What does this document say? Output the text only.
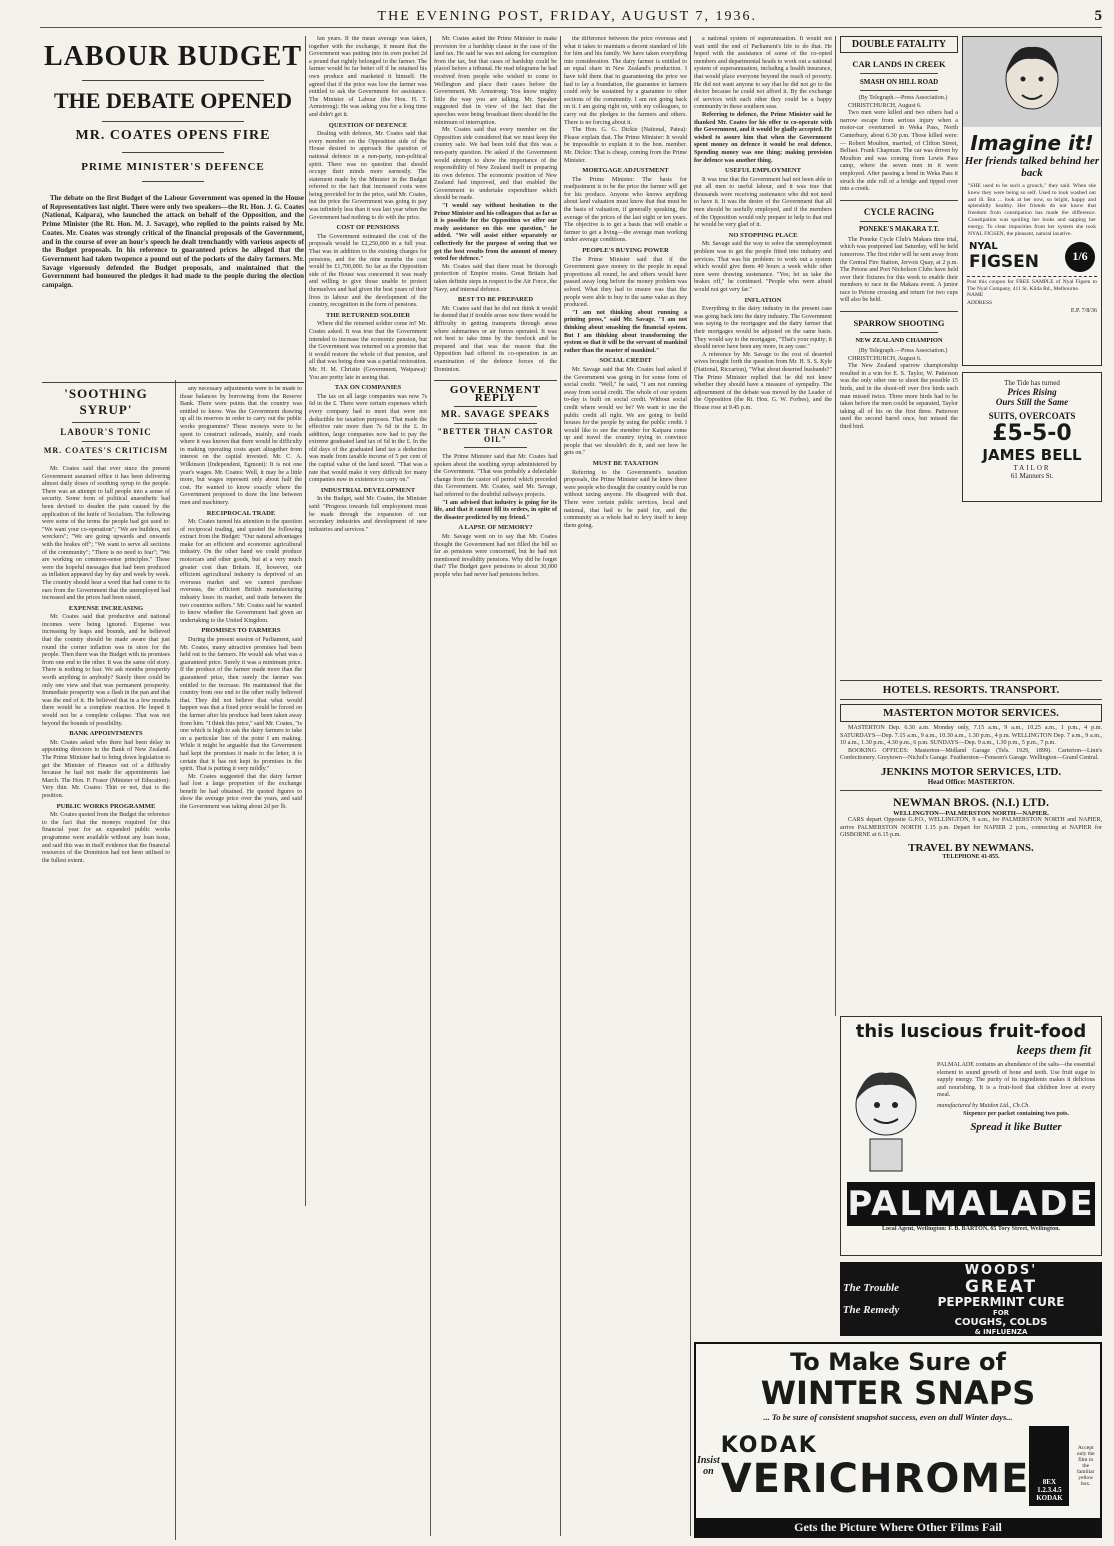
THE EVENING POST, FRIDAY, AUGUST 7, 1936.	5
LABOUR BUDGET
THE DEBATE OPENED
MR. COATES OPENS FIRE
PRIME MINISTER'S DEFENCE

The debate on the first Budget of the Labour Government was opened in the House of Representatives last night. There were only two speakers—the Rt. Hon. J. G. Coates (National, Kaipara), who launched the attack on behalf of the Opposition, and the Prime Minister (the Rt. Hon. M. J. Savage), who replied to the points raised by Mr. Coates. Mr. Coates was strongly critical of the financial proposals of the Government, and in the course of over an hour's speech he dealt trenchantly with various aspects of the Budget proposals. In his reference to guaranteed prices he alleged that the Government had taken twopence a pound out of the pockets of the dairy farmers. Mr. Savage vigorously defended the Budget proposals, and maintained that the Government had honoured the pledges it had made to the people during the election campaign.

'SOOTHING SYRUP'
LABOUR'S TONIC
MR. COATES'S CRITICISM

Mr. Coates said that ever since the present Government assumed office it has been delivering almost daily doses of soothing syrup to the people. There was an attempt to lull people into a sense of security. Some form of political anaesthetic had been devised to deaden the pain caused by the application of the knife of Socialism. The following were some of the terms the people had got used to: "We want your co-operation"; "We are builders, not wreckers"; "We are going upwards and onwards with the brakes off"; "We want to serve all sections of the community"; "There is no need to fear"; "We are working on common-sense principles." These were the hopeful messages that had been produced as inflation appeared day by day and week by week. The country should hear a word that had come to its ears from the Government that the unemployed had increased and the prices had been raised.

EXPENSE INCREASING

Mr. Coates said that productive and national incomes were being ignored. Expense was increasing by leaps and bounds, and he believed that the country should be made aware that just round the corner inflation was in store for the people. Then there was the Budget with its promises from one end to the other. It was the same old story. There is nothing to fear. We ask months prosperity worth anything to anybody? Surely there could be only one view and that was permanent prosperity. Immediate prosperity was a flash in the pan and that was the end of it. He believed that in a few months there would be a complete reaction. He hoped it would not be a complete collapse. That was not beyond the bounds of possibility.

BANK APPOINTMENTS

Mr. Coates asked who there had been delay in appointing directors to the Bank of New Zealand. The Prime Minister had to bring down legislation to get the Minister of Finance out of a difficulty because he had not made the appointments last March. The Hon. P. Fraser (Minister of Education): Very thin. Mr. Coates: Thin or not, that is the position.

PUBLIC WORKS PROGRAMME

Mr. Coates quoted from the Budget the reference to the fact that the moneys required for this financial year for an expanded public works programme were available without any loan issue, and said this was in itself evidence that the financial resources of the Dominion had not been utilised to the fullest extent.

any necessary adjustments were to be made to those balances by borrowing from the Reserve Bank. There were points that the country was entitled to know. Was the Government drawing up all its reserves in order to carry out the public works programme? These moneys were to be spent to construct railroads, mainly, and roads where it was known that there would be difficulty in making operating costs apart altogether from interest on the capital invested. Mr. C. A. Wilkinson (Independent, Egmont): It is not one year's wages. Mr. Coates: Well, it may be a little more, but wages represent only about half the cost. He wanted to know exactly where the Government proposed to draw the line between men and machinery.

RECIPROCAL TRADE

Mr. Coates turned his attention to the question of reciprocal trading, and quoted the following extract from the Budget: "Our natural advantages make for an efficient and economic agricultural industry. On the other hand we could produce motorcars and other goods, but at a very much greater cost than Britain. If, however, our efficient agricultural industry is deprived of an overseas market and we cannot purchase overseas, the efficient British manufacturing industry loses its market, and trade between the two countries suffers." Mr. Coates said he wanted to know whether the Government had given an undertaking to the United Kingdom.

PROMISES TO FARMERS

During the present session of Parliament, said Mr. Coates, many attractive promises had been held out to the farmers. He would ask what was a guaranteed price. Surely it was a minimum price. If the produce of the farmer made more than the guaranteed price, then surely the farmer was entitled to the increase. He maintained that the country from one end to the other really believed that. They did not believe that what would happen was that a fixed price would be forced on the farmer after his produce had been taken away from him. "I think this price," said Mr. Coates, "is one which is high to ask the dairy farmers to take on a particular line of the point I am making. While it might be arguable that the Government had kept the promises it made to the letter, it is certain that it has not kept its promises in the spirit. That is putting it very mildly."

Mr. Coates suggested that the dairy farmer had lost a large proportion of the exchange benefit he had obtained. He quoted figures to show the average price over the years, and said the Government was taking about 2d per lb.

fan years. If the mean average was taken, together with the exchange, it meant that the Government was putting into its own pocket 2d a pound that rightly belonged to the farmer. The farmer would be far better off if he retained his own produce and marketed it himself. He agreed that if the price was low the farmer was entitled to ask the Government for assistance. The Minister of Labour (the Hon. H. T. Armstrong): He was asking you for a long time and didn't get it.

QUESTION OF DEFENCE

Dealing with defence, Mr. Coates said that every member on the Opposition side of the House desired to approach the question of national defence in a non-party, non-political spirit. There was no question that should occupy their minds more earnestly. The statement made by the Minister in the Budget referred to the fact that increased costs were being provided for in the price, said Mr. Coates, but the price the Government was going to pay was infinitely less than it was last year when the Government had nothing to do with the price.

COST OF PENSIONS

The Government estimated the cost of the proposals would be £2,250,000 in a full year. That was in addition to the existing charges for pensions, and for the nine months the cost would be £1,700,000. So far as the Opposition side of the House was concerned it was ready and willing to give those unable to protect themselves and had given the best years of their lives to labour and the development of the country, recognition in the form of pensions.

THE RETURNED SOLDIER

Where did the returned soldier come in? Mr. Coates asked. It was true that the Government intended to increase the economic pension, but the Government was returned on a promise that it would restore the whole of that pension, and all that was being done was a partial restoration. Mr. H. M. Christie (Government, Waipawa): You are pretty late in seeing that.

TAX ON COMPANIES

The tax on all large companies was now 7s 6d in the £. There were certain expenses which every company had to meet that were not deductible for taxation purposes. That made the effective rate more than 7s 6d in the £. In addition, large companies now had to pay the extreme graduated land tax of 6d in the £. In the old days of the graduated land tax a deduction was made from taxable income of 5 per cent of the capital value of the land taxed. "That was a rate that would make it very difficult for many companies now in existence to carry on."

INDUSTRIAL DEVELOPMENT

In the Budget, said Mr. Coates, the Minister said: "Progress towards full employment must be made through the expansion of our secondary industries and development of new industries and services."

Mr. Coates asked the Prime Minister to make provision for a hardship clause in the case of the land tax. He said he was not asking for exemption from the tax, but that cases of hardship could be placed before a tribunal. He read telegrams he had received from people who wished to come to Wellington and place their cases before the Government. Mr. Armstrong: You know mighty little the way you are talking. Mr. Speaker suggested that in view of the fact that the speeches were being broadcast there should be the minimum of interruption.

Mr. Coates said that every member on the Opposition side considered that we must keep the country safe. We had been told that this was a non-party question. He asked if the Government would attempt to show the importance of the responsibility of New Zealand itself in preparing its own defence. The economic position of New Zealand had improved, and that enabled the Government to undertake expenditure which should be made.

"I would say without hesitation to the Prime Minister and his colleagues that as far as it is possible for the Opposition we offer our ready assistance on this one question," he added. "We will assist either separately or collectively for the purpose of seeing that we get the best results from the amount of money voted for defence."

Mr. Coates said that there must be thorough protection of Empire routes. Great Britain had taken definite steps in respect to the Air Force, the Navy, and internal defence.

BEST TO BE PREPARED

Mr. Coates said that he did not think it would be denied that if trouble arose now there would be difficulty in getting transports through areas where submarines or air forces operated. It was not best to take time by the forelock and be prepared and that was the reason that the Opposition had offered its co-operation in an examination of the defence forces of the Dominion.

GOVERNMENT REPLY
MR. SAVAGE SPEAKS
"BETTER THAN CASTOR OIL"

The Prime Minister said that Mr. Coates had spoken about the soothing syrup administered by the Government. "That was probably a delectable change from the castor oil period which preceded this Government. Mr. Coates, said Mr. Savage, had referred to the doubtful railways projects.

"I am advised that industry is going for its life, and that it cannot fill its orders, in spite of the disaster predicted by my friend."

A LAPSE OF MEMORY?

Mr. Savage went on to say that Mr. Coates thought the Government had not filled the bill so far as pensions were concerned, but he had not mentioned invalidity pensions. Why did he forget that? The Budget gave pensions to about 30,000 people who had never had pensions before.

the difference between the price overseas and what it takes to maintain a decent standard of life for him and his family. We have taken everything into consideration. The dairy farmer is entitled to an equal share in New Zealand's production. I have told them that in guaranteeing the price we had to lay a foundation, the guarantee to farmers could only be sustained by a guarantee to other sections of the community. I am not going back on it. I am going right on, with my colleagues, to carry out the pledges to the farmers and others. There is no forcing about it.

The Hon. G. G. Dickie (National, Patea): Please explain that. The Prime Minister: It would be impossible to explain it to the hon. member. Mr. Dickie: That is cheap, coming from the Prime Minister.

MORTGAGE ADJUSTMENT

The Prime Minister: The basis for readjustment is to be the price the farmer will get for his produce. Anyone who knows anything about land valuation must know that that must be the basis of valuation, if generally speaking, the average of the prices of the last eight or ten years. The objective is to get a basis that will enable a farmer to get a living—the average man working under average conditions.

PEOPLE'S BUYING POWER

The Prime Minister said that if the Government gave money to the people in equal proportions all round, he and others would have passed away long before the money problem was solved. What they had to ensure was that the people were able to buy to the same value as they produced.

"I am not thinking about running a printing press," said Mr. Savage. "I am not thinking about smashing the financial system. But I am thinking about transforming the system so that it will be the servant of mankind rather than the master of mankind."

SOCIAL CREDIT

Mr. Savage said that Mr. Coates had asked if the Government was going in for some form of social credit. "Well," he said, "I am not running away from social credit. The whole of our system to-day is built on social credit. Without social credit where would we be? We want to use the public credit all right. We are going to build houses for the people by using the public credit. I would like to see the member for Kaipara come up and travel the country trying to convince people that we shouldn't do it, and see how he gets on."

MUST BE TAXATION

Referring to the Government's taxation proposals, the Prime Minister said he knew there were people who thought the country could be run without taxing anyone. He disagreed with that. There were certain public services, local and national, that had to be paid for, and the community as a whole had to levy itself to keep them going.

a national system of superannuation. It would not wait until the end of Parliament's life to do that. He hoped with the assistance of some of the co-opted members and departmental heads to work out a national system of superannuation, including a health insurance, that would place everyone beyond the reach of poverty. He did not want anyone to say that he did not go to the doctor because he could not afford it. By the exchange of services with each other they could be a happy community in these southern seas.

Referring to defence, the Prime Minister said he thanked Mr. Coates for his offer to co-operate with the Government, and it would be gladly accepted. He wished to assure him that when the Government spent money on defence it would be real defence. Spending money was one thing; making provision for defence was another thing.

USEFUL EMPLOYMENT

It was true that the Government had not been able to put all men to useful labour, and it was true that thousands were receiving sustenance who did not need to have it. It was the desire of the Government that all men should be usefully employed, and if the members of the Opposition would only prepare to help to that end he would be very glad of it.

NO STOPPING PLACE

Mr. Savage said the way to solve the unemployment problem was to get the people fitted into industry and services. That was his problem: to work out a system which would give them 40 hours a week while other men were drawing sustenance. "Yes; let us take the brakes off," he continued. "People who were afraid would not get very far."

INFLATION

Everything in the dairy industry in the present case was going back into the dairy industry. The Government was saying to the mortgagee and the dairy farmer that their mortgages would be adjusted on the same basis. They would say to the mortgagee, "That's your equity; it should never have been any more, in any case."

A reference by Mr. Savage to the cost of deserted wives brought forth the question from Mr. H. S. S. Kyle (National, Riccarton), "What about deserted husbands?" The Prime Minister replied that he did not know whether they should have a measure of sympathy. The adjournment of the debate was moved by the Leader of the Opposition (the Rt. Hon. G. W. Forbes), and the House rose at 9.45 p.m.

DOUBLE FATALITY
CAR LANDS IN CREEK
SMASH ON HILL ROAD

(By Telegraph.—Press Association.)

CHRISTCHURCH, August 6.

Two men were killed and two others had a narrow escape from serious injury when a motor-car overturned in Wekа Pass, North Canterbury, about 6.30 p.m. Those killed were:— Robert Moulton, married, of Clifton Street, Belfast. Frank Chapman. The car was driven by Moulton and was coming from Lewis Pass camp, where the seven men in it were employed. After passing a bend in Weka Pass it struck the side roll of a bridge and tipped over into a creek.

CYCLE RACING
PONEKE'S MAKARA T.T.

The Poneke Cycle Club's Makara time trial, which was postponed last Saturday, will be held tomorrow. The first rider will be sent away from the Central Fire Station, Jervois Quay, at 2 p.m. The Petone and Port Nicholson Clubs have held over their fixtures for this week to enable their members to race in the Makara event. A junior race to Petone crossing and return for two cups will also be held.

SPARROW SHOOTING
NEW ZEALAND CHAMPION

(By Telegraph.—Press Association.)

CHRISTCHURCH, August 6.

The New Zealand sparrow championship resulted in a win for E. S. Taylor, W. Patterson was the only other one to shoot the possible 15 birds, and in the shoot-off over five birds each man missed twice. Three more birds had to be taken before the men could be separated, Taylor taking all of his on the first three. Patterson used the second barrel once, but missed the third bird.

Imagine it!
Her friends talked behind her back
"SHE used to be such a grouch," they said. When she knew they were being so self. Used to look washed out and ill. But ... look at her now, so bright, happy and splendidly healthy. Her friends do not know that freedom from constipation has made the difference. Constipation was spoiling her looks and sapping her energy. To clear impurities from her system she took NYAL FIGSEN, the pleasant, natural laxative.
NYAL
FIGSEN	1/6
Post this coupon for FREE SAMPLE of Nyal Figsen to The Nyal Company, 411 St. Kilda Rd., Melbourne.
NAME
ADDRESS
E.P. 7/8/36
The Tide has turned
Prices Rising
Ours Still the Same
SUITS, OVERCOATS
£5-5-0
JAMES BELL
TAILOR
61 Manners St.
HOTELS. RESORTS. TRANSPORT.
MASTERTON MOTOR SERVICES.

MASTERTON Dep. 6.30 a.m. Monday only, 7.15 a.m., 9 a.m., 10.25 a.m., 1 p.m., 4 p.m. SATURDAYS—Dep. 7.15 a.m., 9 a.m., 10.30 a.m., 1.30 p.m., 4 p.m. WELLINGTON Dep. 7 a.m., 9 a.m., 10 a.m., 1.30 p.m., 4.30 p.m., 6 p.m. SUNDAYS—Dep. 9 a.m., 1.30 p.m., 5 p.m., 7 p.m.

BOOKING OFFICES: Masterton—Midland Garage (Tels. 1929, 1899). Carterton—Linn's Confectionery. Greytown—Nichol's Garage. Featherston—Fensom's Garage. Wellington—Grand Central.

JENKINS MOTOR SERVICES, LTD.
Head Office: MASTERTON.
NEWMAN BROS. (N.I.) LTD.
WELLINGTON—PALMERSTON NORTH—NAPIER.

CARS depart Opposite G.P.O., WELLINGTON, 9 a.m., for PALMERSTON NORTH and NAPIER, arrive PALMERSTON NORTH 1.15 p.m. Depart for NAPIER 2 p.m., connecting at NAPIER for GISBORNE at 6.15 p.m.

TRAVEL BY NEWMANS.
TELEPHONE 41-855.
this luscious fruit-food
keeps them fit
PALMALADE contains an abundance of the salts—the essential element to sound growth of bone and teeth. Use fruit sugar to supply energy. The purity of its ingredients makes it delicious and nourishing. It is a fruit-food that children love at every meal.
manufactured by Maidon Ltd., Ch.Ch.
Sixpence per packet containing two pots.
Spread it like Butter
PALMALADE
Local Agent, Wellington: F. B. BARTON, 65 Tory Street, Wellington.
The Trouble
The Remedy
WOODS'
GREAT
PEPPERMINT CURE
FOR
COUGHS, COLDS
& INFLUENZA
To Make Sure of
WINTER SNAPS
... To be sure of consistent snapshot success, even on dull Winter days...
Insist on
KODAK
VERICHROME	8EX 1.2.3.4.5 KODAK
Accept only the film in the familiar yellow box.
Gets the Picture Where Other Films Fail
